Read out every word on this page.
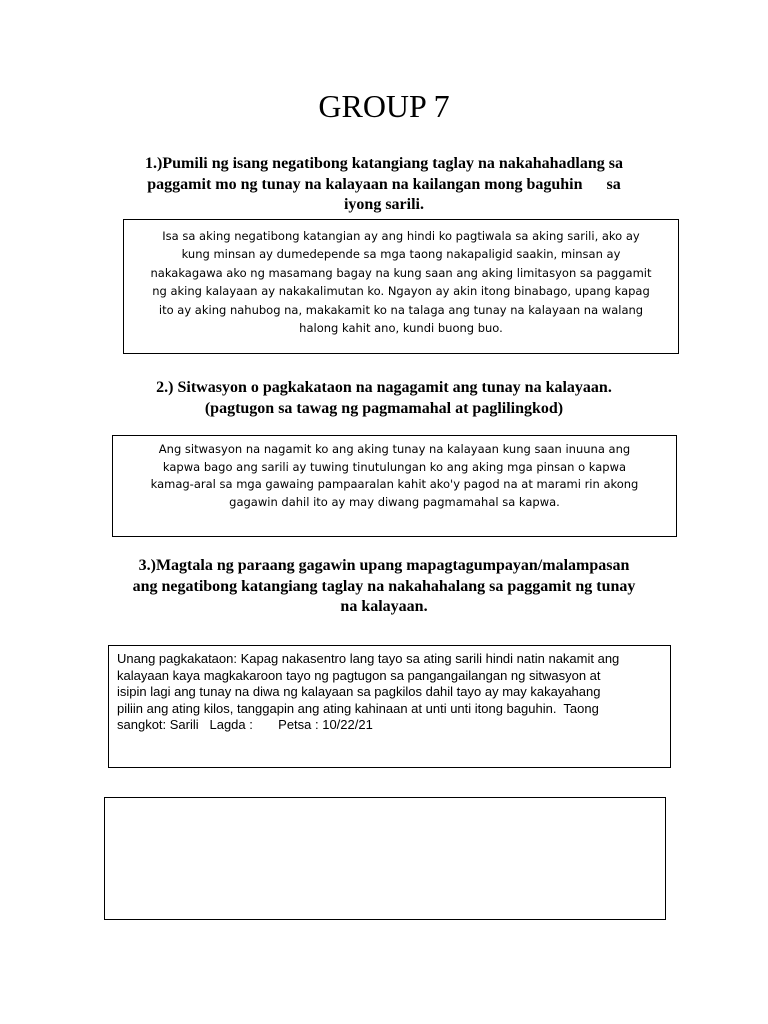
GROUP 7
1.)Pumili ng isang negatibong katangiang taglay na nakahahadlang sa
paggamit mo ng tunay na kalayaan na kailangan mong baguhin      sa
iyong sarili.
Isa sa aking negatibong katangian ay ang hindi ko pagtiwala sa aking sarili, ako ay
kung minsan ay dumedepende sa mga taong nakapaligid saakin, minsan ay
nakakagawa ako ng masamang bagay na kung saan ang aking limitasyon sa paggamit
ng aking kalayaan ay nakakalimutan ko. Ngayon ay akin itong binabago, upang kapag
ito ay aking nahubog na, makakamit ko na talaga ang tunay na kalayaan na walang
halong kahit ano, kundi buong buo.
2.) Sitwasyon o pagkakataon na nagagamit ang tunay na kalayaan.
(pagtugon sa tawag ng pagmamahal at paglilingkod)
Ang sitwasyon na nagamit ko ang aking tunay na kalayaan kung saan inuuna ang
kapwa bago ang sarili ay tuwing tinutulungan ko ang aking mga pinsan o kapwa
kamag-aral sa mga gawaing pampaaralan kahit ako'y pagod na at marami rin akong
gagawin dahil ito ay may diwang pagmamahal sa kapwa.
3.)Magtala ng paraang gagawin upang mapagtagumpayan/malampasan
ang negatibong katangiang taglay na nakahahalang sa paggamit ng tunay
na kalayaan.
Unang pagkakataon: Kapag nakasentro lang tayo sa ating sarili hindi natin nakamit ang
kalayaan kaya magkakaroon tayo ng pagtugon sa pangangailangan ng sitwasyon at
isipin lagi ang tunay na diwa ng kalayaan sa pagkilos dahil tayo ay may kakayahang
piliin ang ating kilos, tanggapin ang ating kahinaan at unti unti itong baguhin.  Taong
sangkot: Sarili   Lagda :       Petsa : 10/22/21
